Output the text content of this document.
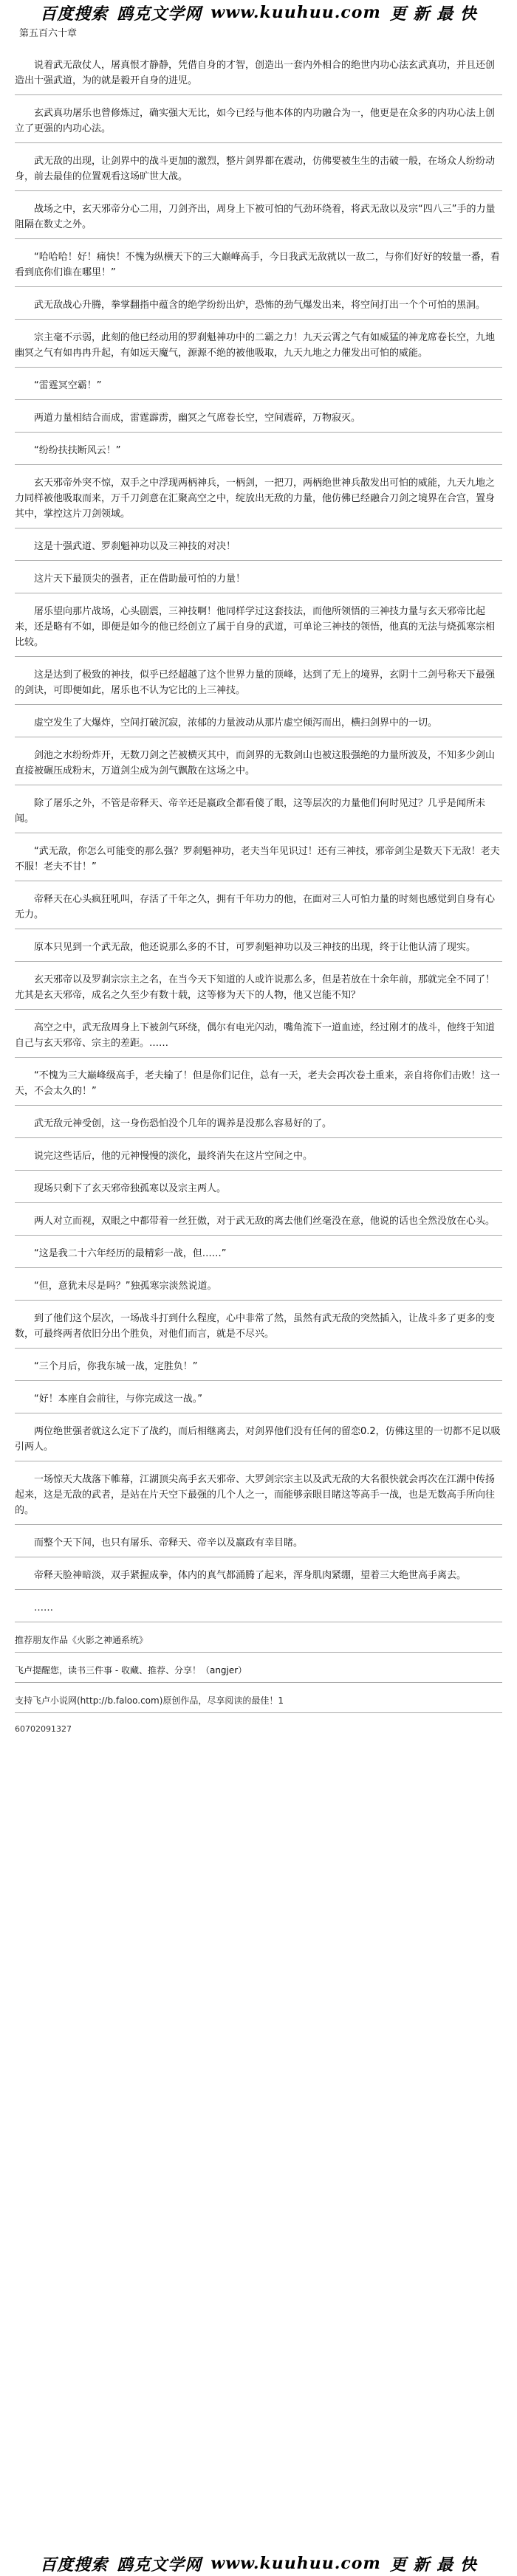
百度搜索 鸥克文学网 www.kuuhuu.com 更 新 最 快
第五百六十章
说着武无敌仗人，屠真恨才静静，凭借自身的才智，创造出一套内外相合的绝世内功心法玄武真功，并且还创造出十强武道，为的就是毅开自身的进児。
玄武真功屠乐也曾修炼过，确实强大无比，如今已经与他本体的内功融合为一，他更是在众多的内功心法上创立了更强的内功心法。
武无敌的出现，让剑界中的战斗更加的激烈，整片剑界都在震动，仿佛要被生生的击破一般，在场众人纷纷动身，前去最佳的位置观看这场旷世大战。
战场之中，玄天邪帝分心二用，刀剑齐出，周身上下被可怕的气劲环绕着，将武无敌以及宗“四八三”手的力量阻隔在数丈之外。
“哈哈哈！好！痛快！不愧为纵横天下的三大巅峰高手，今日我武无敌就以一敌二，与你们好好的较量一番，看看到底你们谁在哪里！”
武无敌战心升腾，拳掌翻指中蕴含的绝学纷纷出炉，恐怖的劲气爆发出来，将空间打出一个个可怕的黑洞。
宗主毫不示弱，此刻的他已经动用的罗刹魁神功中的二霸之力！九天云霄之气有如威猛的神龙席卷长空，九地幽冥之气有如冉冉升起，有如远天魔气，源源不绝的被他吸取，九天九地之力催发出可怕的威能。
“雷霆冥空霸！”
两道力量相结合而成，雷霆霹雳，幽冥之气席卷长空，空间震碎，万物寂灭。
“纷纷扶扶断风云！”
玄天邪帝外突不惊，双手之中浮现两柄神兵，一柄剑，一把刀，两柄绝世神兵散发出可怕的威能，九天九地之力同样被他吸取而来，万千刀剑意在汇聚高空之中，绽放出无敌的力量，他仿佛已经融合刀剑之境界在合宫，置身其中，掌控这片刀剑领域。
这是十强武道、罗刹魁神功以及三神技的对决！
这片天下最顶尖的强者，正在借助最可怕的力量！
屠乐望向那片战场，心头剧震，三神技啊！他同样学过这套技法，而他所领悟的三神技力量与玄天邪帝比起来，还是略有不如，即便是如今的他已经创立了属于自身的武道，可单论三神技的领悟，他真的无法与烧孤寒宗相比较。
这是达到了极致的神技，似乎已经超越了这个世界力量的顶峰，达到了无上的境界，玄阴十二剑号称天下最强的剑诀，可即便如此，屠乐也不认为它比的上三神技。
虚空发生了大爆炸，空间打破沉寂，浓郁的力量波动从那片虚空倾泻而出，横扫剑界中的一切。
剑池之水纷纷炸开，无数刀剑之芒被横灭其中，而剑界的无数剑山也被这股强绝的力量所波及，不知多少剑山直接被碾压成粉末，万道剑尘成为剑气飘散在这场之中。
除了屠乐之外，不管是帝释天、帝辛还是嬴政全都看傻了眼，这等层次的力量他们何时见过？几乎是闻所未闻。
“武无敌，你怎么可能变的那么强？罗刹魁神功，老夫当年见识过！还有三神技，邪帝剑尘是数天下无敌！老夫不服！老夫不甘！”
帝释天在心头疯狂吼叫，存活了千年之久，拥有千年功力的他，在面对三人可怕力量的时刻也感觉到自身有心无力。
原本只见到一个武无敌，他还说那么多的不甘，可罗刹魁神功以及三神技的出现，终于让他认清了现实。
玄天邪帝以及罗刹宗宗主之名，在当今天下知道的人或许说那么多，但是若放在十余年前，那就完全不同了！尤其是玄天邪帝，成名之久至少有数十载，这等修为天下的人物，他又岂能不知？
高空之中，武无敌周身上下被剑气环绕，偶尔有电光闪动，嘴角流下一道血迹，经过刚才的战斗，他终于知道自己与玄天邪帝、宗主的差距。……
“不愧为三大巅峰级高手，老夫输了！但是你们记住，总有一天，老夫会再次卷土重来，亲自将你们击败！这一天，不会太久的！”
武无敌元神受创，这一身伤恐怕没个几年的调养是没那么容易好的了。
说完这些话后，他的元神慢慢的淡化，最终消失在这片空间之中。
现场只剩下了玄天邪帝独孤寒以及宗主两人。
两人对立而视，双眼之中都带着一丝狂傲，对于武无敌的离去他们丝毫没在意，他说的话也全然没放在心头。
“这是我二十六年经历的最精彩一战，但……”
“但，意犹未尽是吗？”独孤寒宗淡然说道。
到了他们这个层次，一场战斗打到什么程度，心中非常了然，虽然有武无敌的突然插入，让战斗多了更多的变数，可最终两者依旧分出个胜负，对他们而言，就是不尽兴。
“三个月后，你我东城一战，定胜负！”
“好！本座自会前往，与你完成这一战。”
两位绝世强者就这么定下了战约，而后相继离去，对剑界他们没有任何的留恋0.2，仿佛这里的一切都不足以吸引两人。
一场惊天大战落下帷幕，江湖顶尖高手玄天邪帝、大罗剑宗宗主以及武无敌的大名很快就会再次在江湖中传扬起来，这是无敌的武者，是站在片天空下最强的几个人之一，而能够亲眼目睹这等高手一战，也是无数高手所向往的。
而整个天下间，也只有屠乐、帝释天、帝辛以及嬴政有幸目睹。
帝释天脸神暗淡，双手紧握成拳，体内的真气都涌腾了起来，浑身肌肉紧绷，望着三大绝世高手离去。
……
推荐朋友作品《火影之神通系统》
飞卢提醒您，读书三件事 - 收藏、推荐、分享！（angjer）
支持飞卢小说网(http://b.faloo.com)原创作品，尽享阅读的最佳！1
60702091327
百度搜索 鸥克文学网 www.kuuhuu.com 更 新 最 快
